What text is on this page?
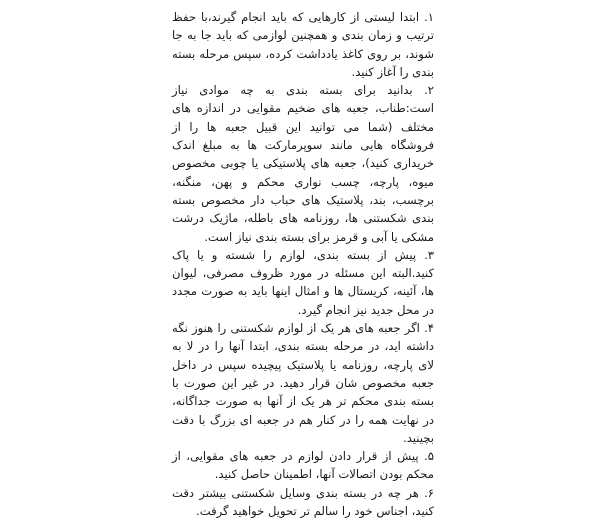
۱. ابتدا لیستی از کارهایی که باید انجام گیرند،با حفظ ترتیب و زمان بندی و همچنین لوازمی که باید جا به جا شوند، بر روی کاغذ یادداشت کرده، سپس مرحله بسته بندی را آغاز کنید.

۲. بدانید برای بسته بندی به چه موادی نیاز است:طناب، جعبه های ضخیم مقوایی در اندازه های مختلف (شما می توانید این قبیل جعبه ها را از فروشگاه هایی مانند سوپرمارکت ها به مبلغ اندک خریداری کنید)، جعبه های پلاستیکی یا چوبی مخصوص میوه، پارچه، چسب نواری محکم و پهن، منگنه، برچسب، بند، پلاستیک های حباب دار مخصوص بسته بندی شکستنی ها، روزنامه های باطله، ماژیک درشت مشکی یا آبی و قرمز برای بسته بندی نیاز است.

۳. پیش از بسته بندی، لوازم را شسته و یا پاک کنید.البته این مسئله در مورد ظروف مصرفی، لیوان ها، آئینه، کریستال ها و امثال اینها باید به صورت مجدد در محل جدید نیز انجام گیرد.

۴. اگر جعبه های هر یک از لوازم شکستنی را هنوز نگه داشته اید، در مرحله بسته بندی، ابتدا آنها را در لا به لای پارچه، روزنامه یا پلاستیک پیچیده سپس در داخل جعبه مخصوص شان قرار دهید. در غیر این صورت با بسته بندی محکم تر هر یک از آنها به صورت جداگانه، در نهایت همه را در کنار هم در جعبه ای بزرگ با دقت بچینید.

۵. پیش از قرار دادن لوازم در جعبه های مقوایی، از محکم بودن اتصالات آنها، اطمینان حاصل کنید.

۶. هر چه در بسته بندی وسایل شکستنی بیشتر دقت کنید، اجناس خود را سالم تر تحویل خواهید گرفت.
